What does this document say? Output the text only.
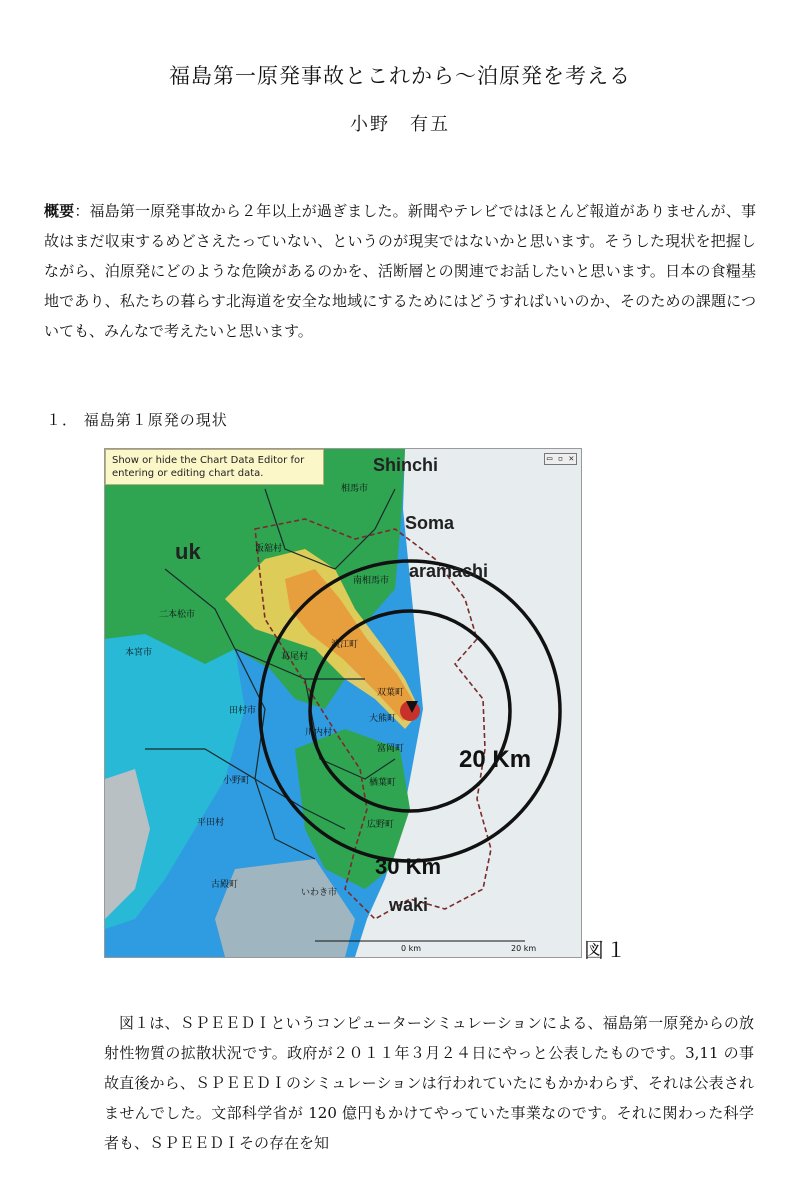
福島第一原発事故とこれから～泊原発を考える
小野　有五
概要：福島第一原発事故から２年以上が過ぎました。新聞やテレビではほとんど報道がありませんが、事故はまだ収束するめどさえたっていない、というのが現実ではないかと思います。そうした現状を把握しながら、泊原発にどのような危険があるのかを、活断層との関連でお話したいと思います。日本の食糧基地であり、私たちの暮らす北海道を安全な地域にするためにはどうすればいいのか、そのための課題についても、みんなで考えたいと思います。
１． 福島第１原発の現状
20 Km
30 Km
Shinchi
Soma
aramachi
waki
uk
相馬市
飯舘村
南相馬市
二本松市
本宮市	葛尾村
浪江町
双葉町
大熊町
田村市
富岡町
川内村
楢葉町
小野町
平田村	広野町
古殿町
いわき市
0 km	20 km
Show or hide the Chart Data Editor for entering or editing chart data.
▭ ▫ ✕
図１

図１は、ＳＰＥＥＤＩというコンピューターシミュレーションによる、福島第一原発からの放射性物質の拡散状況です。政府が２０１１年３月２４日にやっと公表したものです。3,11 の事故直後から、ＳＰＥＥＤＩのシミュレーションは行われていたにもかかわらず、それは公表されませんでした。文部科学省が 120 億円もかけてやっていた事業なのです。それに関わった科学者も、ＳＰＥＥＤＩその存在を知
